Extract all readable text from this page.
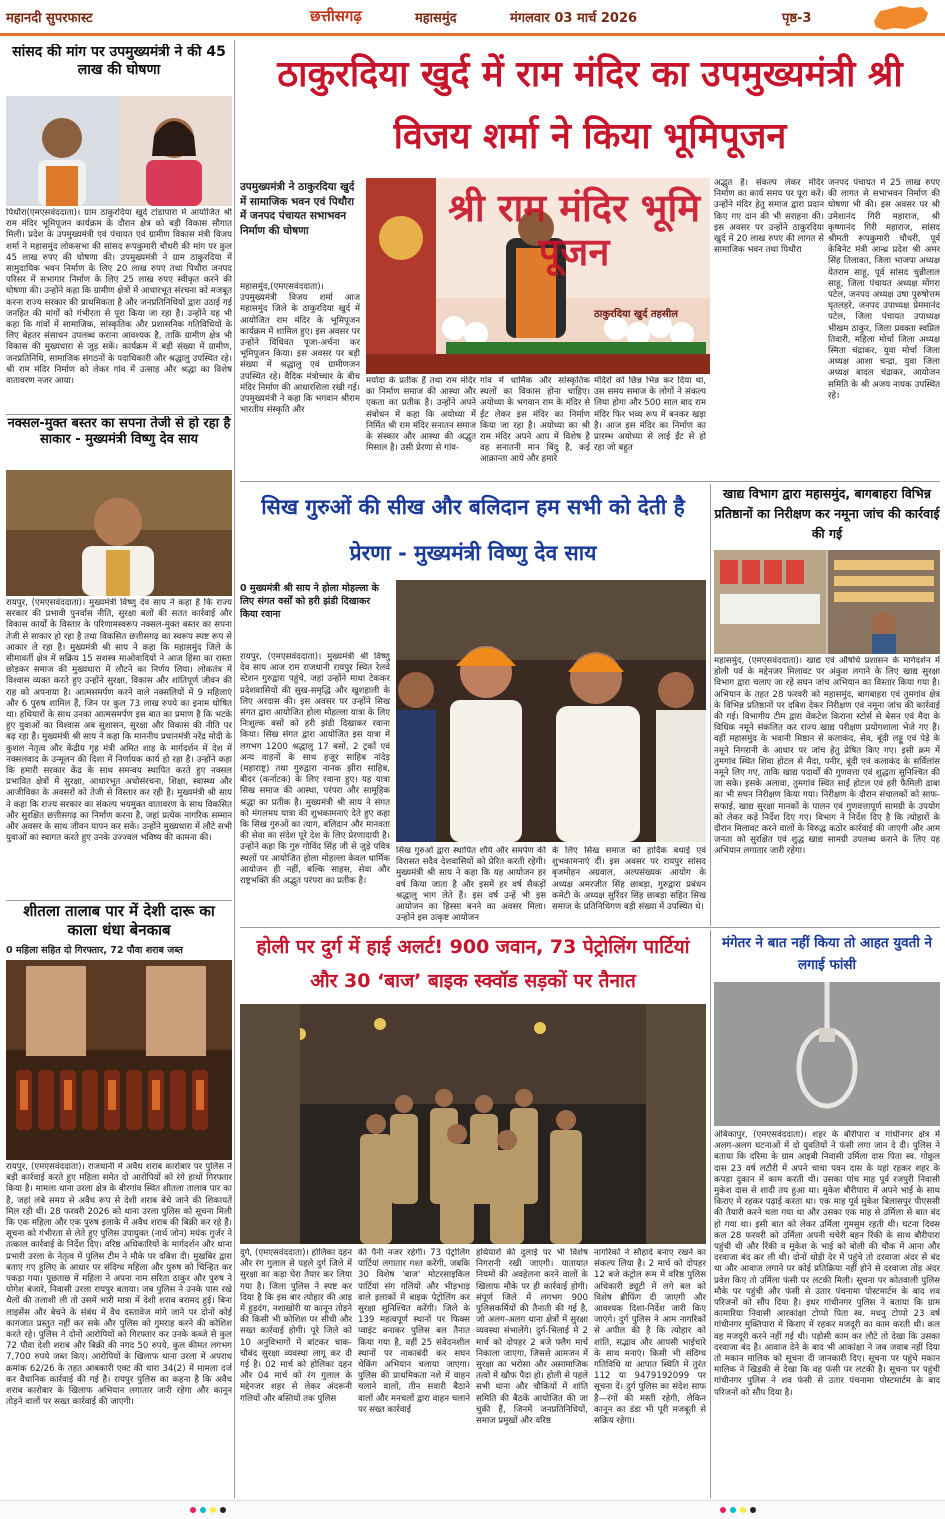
महानदी सुपरफास्ट	छत्तीसगढ़	महासमुंद	मंगलवार 03 मार्च 2026	पृष्ठ-3
सांसद की मांग पर उपमुख्यमंत्री ने की 45 लाख की घोषणा
पिथौरा(एमएसवंददाता)। ग्राम ठाकुरदिया खुर्द टांडापारा में आयोजित श्री राम मंदिर भूमिपूजन कार्यक्रम के दौरान क्षेत्र को बड़ी विकास सौगात मिली। प्रदेश के उपमुख्यमंत्री एवं पंचायत एवं ग्रामीण विकास मंत्री विजय शर्मा ने महासमुंद लोकसभा की सांसद रूपकुमारी चौधरी की मांग पर कुल 45 लाख रुपए की घोषणा की। उपमुख्यमंत्री ने ग्राम ठाकुरदिया में सामुदायिक भवन निर्माण के लिए 20 लाख रुपए तथा पिथौरा जनपद परिसर में सभागार निर्माण के लिए 25 लाख रुपए स्वीकृत करने की घोषणा की। उन्होंने कहा कि ग्रामीण क्षेत्रों में आधारभूत संरचना को मजबूत करना राज्य सरकार की प्राथमिकता है और जनप्रतिनिधियों द्वारा उठाई गई जनहित की मांगों को गंभीरता से पूरा किया जा रहा है। उन्होंने यह भी कहा कि गांवों में सामाजिक, सांस्कृतिक और प्रशासनिक गतिविधियों के लिए बेहतर संसाधन उपलब्ध कराना आवश्यक है, ताकि ग्रामीण क्षेत्र भी विकास की मुख्यधारा से जुड़ सकें। कार्यक्रम में बड़ी संख्या में ग्रामीण, जनप्रतिनिधि, सामाजिक संगठनों के पदाधिकारी और श्रद्धालु उपस्थित रहे। श्री राम मंदिर निर्माण को लेकर गांव में उत्साह और श्रद्धा का विशेष वातावरण नजर आया।
नक्सल-मुक्त बस्तर का सपना तेजी से हो रहा है साकार - मुख्यमंत्री विष्णु देव साय
रायपुर, (एमएसवंददाता)। मुख्यमंत्री विष्णु देव साय ने कहा है कि राज्य सरकार की प्रभावी पुनर्वास नीति, सुरक्षा बलों की सतत कार्रवाई और विकास कार्यों के विस्तार के परिणामस्वरूप नक्सल-मुक्त बस्तर का सपना तेजी से साकार हो रहा है तथा विकसित छत्तीसगढ़ का स्वरूप स्पष्ट रूप से आकार ले रहा है। मुख्यमंत्री श्री साय ने कहा कि महासमुंद जिले के सीमावर्ती क्षेत्र में सक्रिय 15 सशस्त्र माओवादियों ने आज हिंसा का रास्ता छोड़कर समाज की मुख्यधारा में लौटने का निर्णय लिया। लोकतंत्र में विश्वास व्यक्त करते हुए उन्होंने सुरक्षा, विकास और शांतिपूर्ण जीवन की राह को अपनाया है। आत्मसमर्पण करने वाले नक्सलियों में 9 महिलाएं और 6 पुरुष शामिल हैं, जिन पर कुल 73 लाख रुपये का इनाम घोषित था। हथियारों के साथ उनका आत्मसमर्पण इस बात का प्रमाण है कि भटके हुए युवाओं का विश्वास अब सुशासन, सुरक्षा और विकास की नीति पर बढ़ रहा है। मुख्यमंत्री श्री साय ने कहा कि माननीय प्रधानमंत्री नरेंद्र मोदी के कुशल नेतृत्व और केंद्रीय गृह मंत्री अमित शाह के मार्गदर्शन में देश में नक्सलवाद के उन्मूलन की दिशा में निर्णायक कार्य हो रहा है। उन्होंने कहा कि हमारी सरकार केंद्र के साथ समन्वय स्थापित करते हुए नक्सल प्रभावित क्षेत्रों में सुरक्षा, आधारभूत अधोसंरचना, शिक्षा, स्वास्थ्य और आजीविका के अवसरों को तेजी से विस्तार कर रही है। मुख्यमंत्री श्री साय ने कहा कि राज्य सरकार का संकल्प भयमुक्त वातावरण के साथ विकसित और सुरक्षित छत्तीसगढ़ का निर्माण करना है, जहां प्रत्येक नागरिक सम्मान और अवसर के साथ जीवन यापन कर सके। उन्होंने मुख्यधारा में लौटे सभी युवाओं का स्वागत करते हुए उनके उज्ज्वल भविष्य की कामना की।
शीतला तालाब पार में देशी दारू का काला धंधा बेनकाब
0 महिला सहित दो गिरफ्तार, 72 पौवा शराब जब्त
रायपुर, (एमएसवंददाता)। राजधानी में अवैध शराब कारोबार पर पुलिस ने बड़ी कार्रवाई करते हुए महिला समेत दो आरोपियों को रंगे हाथों गिरफ्तार किया है। मामला थाना उरला क्षेत्र के बीरगांव स्थित शीतला तालाब पार का है, जहां लंबे समय से अवैध रूप से देशी शराब बेचे जाने की शिकायतें मिल रही थीं। 28 फरवरी 2026 को थाना उरला पुलिस को सूचना मिली कि एक महिला और एक पुरुष इलाके में अवैध शराब की बिक्री कर रहे हैं। सूचना को गंभीरता से लेते हुए पुलिस उपायुक्त (नार्थ जोन) मयंक गुर्जर ने तत्काल कार्रवाई के निर्देश दिए। वरिष्ठ अधिकारियों के मार्गदर्शन और थाना प्रभारी उरला के नेतृत्व में पुलिस टीम ने मौके पर दबिश दी। मुखबिर द्वारा बताए गए हुलिए के आधार पर संदिग्ध महिला और पुरुष को चिन्हित कर पकड़ा गया। पूछताछ में महिला ने अपना नाम सरिता ठाकुर और पुरुष ने योगेश बंजारे, निवासी उरला रायपुर बताया। जब पुलिस ने उनके पास रखे थैलों की तलाशी ली तो उसमें भारी मात्रा में देशी शराब बरामद हुई। बिना लाइसेंस और बेचने के संबंध में वैध दस्तावेज मांगे जाने पर दोनों कोई कागजात प्रस्तुत नहीं कर सके और पुलिस को गुमराह करने की कोशिश करते रहे। पुलिस ने दोनों आरोपियों को गिरफ्तार कर उनके कब्जे से कुल 72 पौवा देशी शराब और बिक्री की नगद 50 रुपये, कुल कीमत लगभग 7,700 रुपये जब्त किए। आरोपियों के खिलाफ थाना उरला में अपराध क्रमांक 62/26 के तहत आबकारी एक्ट की धारा 34(2) में मामला दर्ज कर वैधानिक कार्रवाई की गई है। रायपुर पुलिस का कहना है कि अवैध शराब कारोबार के खिलाफ अभियान लगातार जारी रहेगा और कानून तोड़ने वालों पर सख्त कार्रवाई की जाएगी।
ठाकुरदिया खुर्द में राम मंदिर का उपमुख्यमंत्री श्री विजय शर्मा ने किया भूमिपूजन
उपमुख्यमंत्री ने ठाकुरदिया खुर्द में सामाजिक भवन एवं पिथौरा में जनपद पंचायत सभाभवन निर्माण की घोषणा
श्री राम मंदिर भूमि पूजन
ठाकुरदिया खुर्द तहसील
महासमुंद,(एमएसवंददाता)। उपमुख्यमंत्री विजय शर्मा आज महासमुंद जिले के ठाकुरदिया खुर्द में आयोजित राम मंदिर के भूमिपूजन कार्यक्रम में शामिल हुए। इस अवसर पर उन्होंने विधिवत पूजा-अर्चना कर भूमिपूजन किया। इस अवसर पर बड़ी संख्या में श्रद्धालु एवं ग्रामीणजन उपस्थित रहे। वैदिक मंत्रोच्चार के बीच मंदिर निर्माण की आधारशिला रखी गई। उपमुख्यमंत्री ने कहा कि भगवान श्रीराम भारतीय संस्कृति और
मर्यादा के प्रतीक हैं तथा राम मंदिर का निर्माण समाज की आस्था और एकता का प्रतीक है। उन्होंने अपने संबोधन में कहा कि अयोध्या में निर्मित श्री राम मंदिर सनातन समाज के संस्कार और आस्था की अद्भुत मिसाल है। उसी प्रेरणा से गांव-
गांव में धार्मिक और सांस्कृतिक स्थलों का विकास होना चाहिए। अयोध्या के भगवान राम के मंदिर से ईंट लेकर इस मंदिर का निर्माण किया जा रहा है। अयोध्या का श्री राम मंदिर अपने आप में विशेष है वह सनातनी मान बिंदु है, कई आक्रान्ता आये और हमारे
मंदिरों को छिन्न भिन्न कर दिया था, उस समय समाज के लोगों ने संकल्प लिया होगा और 500 साल बाद राम मंदिर फिर भव्य रूप में बनकर खड़ा है। आज इस मंदिर का निर्माण का प्रारम्भ अयोध्या से लाई ईंट से हो रहा जो बहुत
अद्भुत है। संकल्प लेकर मंदिर निर्माण का कार्य समय पर पूरा करें। उन्होंने मंदिर हेतु समाज द्वारा प्रदान किए गए दान की भी सराहना की। इस अवसर पर उन्होंने ठाकुरदिया खुर्द में 20 लाख रुपए की लागत से सामाजिक भवन तथा पिथौरा
जनपद पंचायत में 25 लाख रुपए की लागत से सभाभवन निर्माण की घोषणा भी की। इस अवसर पर श्री उमेशानंद गिरी महाराज, श्री कृष्णानंद गिरी महाराज, सांसद श्रीमती रूपकुमारी चौधरी, पूर्व केबिनेट मंत्री आन्ध्र प्रदेश श्री अमर सिंह तिलावत, जिला भाजपा अध्यक्ष येतराम साहू, पूर्व सांसद चुन्नीलाल साहू, जिला पंचायत अध्यक्ष मोंगरा पटेल, जनपद अध्यक्ष उषा पुरुषोत्तम घृतलहरे, जनपद उपाध्यक्ष प्रेममानंद पटेल, जिला पंचायत उपाध्यक्ष भीखम ठाकुर, जिला प्रवक्ता स्वप्निल तिवारी, महिला मोर्चा जिला अध्यक्ष स्मिता चंद्राकर, युवा मोर्चा जिला अध्यक्ष आशा चन्द्रा, युवा जिला अध्यक्ष बादल चंद्राकर, आयोजन समिति के श्री अजय नायक उपस्थित रहे।
सिख गुरुओं की सीख और बलिदान हम सभी को देती है प्रेरणा - मुख्यमंत्री विष्णु देव साय
0 मुख्यमंत्री श्री साय ने होला मोहल्ला के लिए संगत वर्सों को हरी झंडी दिखाकर किया रवाना
रायपुर, (एमएसवंददाता)। मुख्यमंत्री श्री विष्णु देव साय आज राम राजधानी रायपुर स्थित रेलवे स्टेशन गुरुद्वारा पहुंचे, जहां उन्होंने माथा टेककर प्रदेशवासियों की सुख-समृद्धि और खुशहाली के लिए अरदास की। इस अवसर पर उन्होंने सिख संगत द्वारा आयोजित होला मोहल्ला यात्रा के लिए निःशुल्क बसों को हरी झंडी दिखाकर रवाना किया। सिख संगत द्वारा आयोजित इस यात्रा में लगभग 1200 श्रद्धालु 17 बसों, 2 ट्रकों एवं अन्य वाहनों के साथ हजूर साहिब नांदेड़ (महाराष्ट्र) तथा गुरुद्वारा नानक झीरा साहिब, बीदर (कर्नाटक) के लिए रवाना हुए। यह यात्रा सिख समाज की आस्था, परंपरा और सामूहिक श्रद्धा का प्रतीक है। मुख्यमंत्री श्री साय ने संगत को मंगलमय यात्रा की शुभकामनाएं देते हुए कहा कि सिख गुरुओं का त्याग, बलिदान और मानवता की सेवा का संदेश पूरे देश के लिए प्रेरणादायी है। उन्होंने कहा कि गुरु गोविंद सिंह जी से जुड़े पवित्र स्थलों पर आयोजित होला मोहल्ला केवल धार्मिक आयोजन ही नहीं, बल्कि साहस, सेवा और राष्ट्रभक्ति की अद्भुत परंपरा का प्रतीक है।
सिख गुरुओं द्वारा स्थापित शौर्य और समर्पण की विरासत सदैव देशवासियों को प्रेरित करती रहेगी। मुख्यमंत्री श्री साय ने कहा कि यह आयोजन हर वर्ष किया जाता है और इसमें हर वर्ष सैकड़ों श्रद्धालु भाग लेते हैं। इस वर्ष उन्हें भी इस आयोजन का हिस्सा बनने का अवसर मिला। उन्होंने इस उत्कृष्ट आयोजन
के लिए सिख समाज को हार्दिक बधाई एवं शुभकामनाएं दीं। इस अवसर पर रायपुर सांसद बृजमोहन अग्रवाल, अल्पसंख्यक आयोग के अध्यक्ष अमरजीत सिंह छाबड़ा, गुरुद्वारा प्रबंधन कमेटी के अध्यक्ष सुरिंदर सिंह छाबड़ा सहित सिख समाज के प्रतिनिधिगण बड़ी संख्या में उपस्थित थे।
खाद्य विभाग द्वारा महासमुंद, बागबाहरा विभिन्न प्रतिष्ठानों का निरीक्षण कर नमूना जांच की कार्रवाई की गई
महासमुंद, (एमएसवंददाता)। खाद्य एवं औषधि प्रशासन के मार्गदर्शन में होली पर्व के मद्देनजर मिलावट पर अंकुश लगाने के लिए खाद्य सुरक्षा विभाग द्वारा चलाए जा रहे सघन जांच अभियान का विस्तार किया गया है। अभियान के तहत 28 फरवरी को महासमुंद, बागबाहरा एवं तुमगांव क्षेत्र के विभिन्न प्रतिष्ठानों पर दबिश देकर निरीक्षण एवं नमूना जांच की कार्रवाई की गई। विभागीय टीम द्वारा वेंकटेश किराना स्टोर्स से बेसन एवं मैदा के विधिक नमूने संकलित कर राज्य खाद्य परीक्षण प्रयोगशाला भेजे गए हैं। वहीं महासमुंद के भवानी मिष्ठान से कलाकंद, सेव, बूंदी लड्डू एवं पेड़े के नमूने निगरानी के आधार पर जांच हेतु प्रेषित किए गए। इसी क्रम में तुमगांव स्थित शिवा होटल से मैदा, पनीर, बूंदी एवं कलाकंद के सर्विलांस नमूने लिए गए, ताकि खाद्य पदार्थों की गुणवत्ता एवं शुद्धता सुनिश्चित की जा सके। इसके अलावा, तुमगांव स्थित साईं होटल एवं हरी फैमिली ढाबा का भी सघन निरीक्षण किया गया। निरीक्षण के दौरान संचालकों को साफ-सफाई, खाद्य सुरक्षा मानकों के पालन एवं गुणवत्तापूर्ण सामग्री के उपयोग को लेकर कड़े निर्देश दिए गए। विभाग ने निर्देश दिए है कि त्योहारों के दौरान मिलावट करने वालों के विरुद्ध कठोर कार्रवाई की जाएगी और आम जनता को सुरक्षित एवं शुद्ध खाद्य सामग्री उपलब्ध कराने के लिए यह अभियान लगातार जारी रहेगा।
होली पर दुर्ग में हाई अलर्ट! 900 जवान, 73 पेट्रोलिंग पार्टियां और 30 ‘बाज’ बाइक स्क्वॉड सड़कों पर तैनात
दुर्ग, (एमएसवंददाता)। होलिका दहन और रंग गुलाल से पहले दुर्ग जिले में सुरक्षा का कड़ा घेरा तैयार कर लिया गया है। जिला पुलिस ने स्पष्ट कर दिया है कि इस बार त्योहार की आड़ में हुड़दंग, नशाखोरी या कानून तोड़ने की किसी भी कोशिश पर सीधी और सख्त कार्रवाई होगी। पूरे जिले को 10 अनुविभागों में बांटकर चाक-चौबंद सुरक्षा व्यवस्था लागू कर दी गई है। 02 मार्च को होलिका दहन और 04 मार्च को रंग गुलाल के मद्देनजर शहर से लेकर अंदरूनी गलियों और बस्तियों तक पुलिस
की पैनी नजर रहेगी। 73 पेट्रोलिंग पार्टियां लगातार गश्त करेंगी, जबकि 30 विशेष 'बाज' मोटरसाइकिल पार्टियां संग गलियों और भीड़भाड़ वाले इलाकों में बाइक पेट्रोलिंग कर सुरक्षा सुनिश्चित करेंगी। जिले के 139 महत्वपूर्ण स्थानों पर फिक्स प्वाइंट बनाकर पुलिस बल तैनात किया गया है, वहीं 25 संवेदनशील स्थानों पर नाकाबंदी कर सघन चेकिंग अभियान चलाया जाएगा। पुलिस की प्राथमिकता नशे में वाहन चलाने वालों, तीन सवारी बैठाने वालों और मनचलों द्वारा वाहन चलाने पर सख्त कार्रवाई
हथियारों की दुलाई पर भी विशेष निगरानी रखी जाएगी। यातायात नियमों की अवहेलना करने वालों के खिलाफ मौके पर ही कार्रवाई होगी। संपूर्ण जिले में लगभग 900 पुलिसकर्मियों की तैनाती की गई है, जो अलग-अलग थाना क्षेत्रों में सुरक्षा व्यवस्था संभालेंगे। दुर्ग-भिलाई में 2 मार्च को दोपहर 2 बजे फ्लैग मार्च निकाला जाएगा, जिससे आमजन में सुरक्षा का भरोसा और असामाजिक तत्वों में खौफ पैदा हो। होली से पहले सभी थाना और चौकियों में शांति समिति की बैठकें आयोजित की जा चुकी हैं, जिनमें जनप्रतिनिधियों, समाज प्रमुखों और वरिष्ठ
नागरिकों ने सौहार्द बनाए रखने का संकल्प लिया है। 2 मार्च को दोपहर 12 बजे कंट्रोल रूम में वरिष्ठ पुलिस अधिकारी ड्यूटी में लगे बल को विशेष ब्रीफिंग दी जाएगी और आवश्यक दिशा-निर्देश जारी किए जाएंगे। दुर्ग पुलिस ने आम नागरिकों से अपील की है कि त्योहार को शांति, सद्भाव और आपसी भाईचारे के साथ मनाएं। किसी भी संदिग्ध गतिविधि या आपात स्थिति में तुरंत 112 या 9479192099 पर सूचना दें। दुर्ग पुलिस का संदेश साफ है—रंगों की मस्ती रहेगी, लेकिन कानून का डंडा भी पूरी मजबूती से सक्रिय रहेगा।
मंगेतर ने बात नहीं किया तो आहत युवती ने लगाई फांसी
अंबिकापुर, (एमएसवंददाता)। शहर के बौरीपारा व गांधीनगर क्षेत्र में अलग-अलग घटनाओं में दो युवतियों ने फंसी लगा जान दे दी। पुलिस ने बताया कि दरिमा के ग्राम आइबी निवासी उर्मिला दास पिता स्व. गोकुल दास 23 वर्ष लटौरी में अपने चाचा पवन दास के यहां रहकर शहर के कपड़ा दुकान में काम करती थी। उसका पांच माह पूर्व रजपुरी निवासी मुकेश दास से शादी तय हुआ था। मुकेश बौरीपारा में अपने भाई के साथ किराए में रहकर पढ़ाई करता था। एक माह पूर्व मुकेश बिलासपुर पीएससी की तैयारी करने चला गया था और उसका एक माह से उर्मिला से बात बंद हो गया था। इसी बात को लेकर उर्मिला गुमसुम रहती थी। घटना दिवस कल 28 फरवरी को उर्मिला अपनी चचेरी बहन रिंकी के साथ बौरीपारा पहुंची थी और रिंकी व मुकेश के भाई को बोली की चौक में आना और दरवाजा बंद कर ली थी। दोनों थोड़ी देर में पहुंचे तो दरवाजा अंदर से बंद था और आवाज लगाने पर कोई प्रतिक्रिया नहीं होने से दरवाजा तोड़ अंदर प्रवेश किए तो उर्मिला फंसी पर लटकी मिली। सूचना पर कोतवाली पुलिस मौके पर पहुंची और फंसी से उतार पंचनामा पोस्टमार्टम के बाद शव परिजनों को सौंप दिया है। इधर गांधीनगर पुलिस ने बताया कि ग्राम कामारिया निवासी आरकांक्षा टोप्पो पिता स्व. मधनु टोप्पो 23 वर्ष गांधीनगर मुक्तिपारा में किराए में रहकर मजदूरी का काम करती थी। कल वह मजदूरी करने नहीं गई थी। पड़ोसी काम कर लौटे तो देखा कि उसका दरवाजा बंद है। आवाज देने के बाद भी आकांक्षा ने जब जवाब नहीं दिया तो मकान मालिक को सूचना दी जानकारी दिए। सूचना पर पहुंचे मकान मालिक ने खिड़की से देखा कि वह फंसी पर लटकी है। सूचना पर पहुंची गांधीनगर पुलिस ने शव फंसी से उतार पंचनामा पोस्टमार्टम के बाद परिजनों को सौंप दिया है।
